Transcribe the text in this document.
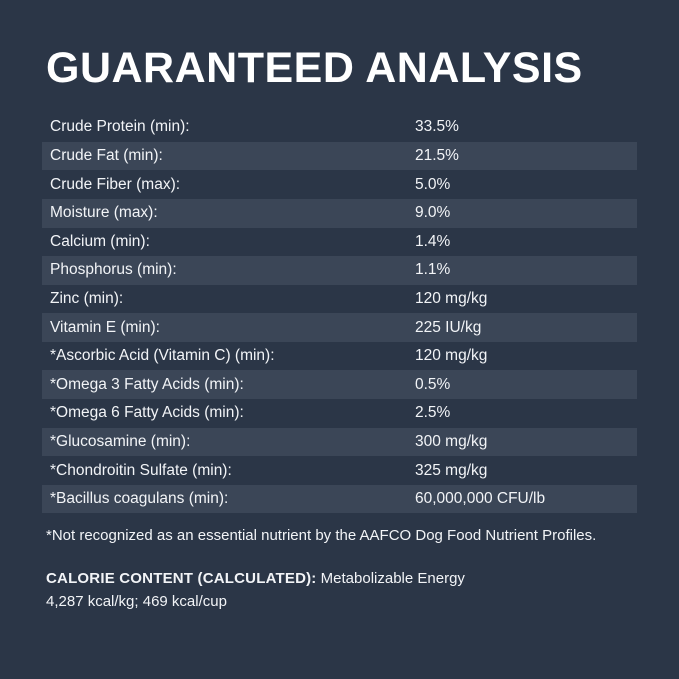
GUARANTEED ANALYSIS
Crude Protein (min):	33.5%
Crude Fat (min):	21.5%
Crude Fiber (max):	5.0%
Moisture (max):	9.0%
Calcium (min):	1.4%
Phosphorus (min):	1.1%
Zinc (min):	120 mg/kg
Vitamin E (min):	225 IU/kg
*Ascorbic Acid (Vitamin C) (min):	120 mg/kg
*Omega 3 Fatty Acids (min):	0.5%
*Omega 6 Fatty Acids (min):	2.5%
*Glucosamine (min):	300 mg/kg
*Chondroitin Sulfate (min):	325 mg/kg
*Bacillus coagulans (min):	60,000,000 CFU/lb
*Not recognized as an essential nutrient by the AAFCO Dog Food Nutrient Profiles.
CALORIE CONTENT (CALCULATED): Metabolizable Energy
4,287 kcal/kg; 469 kcal/cup
